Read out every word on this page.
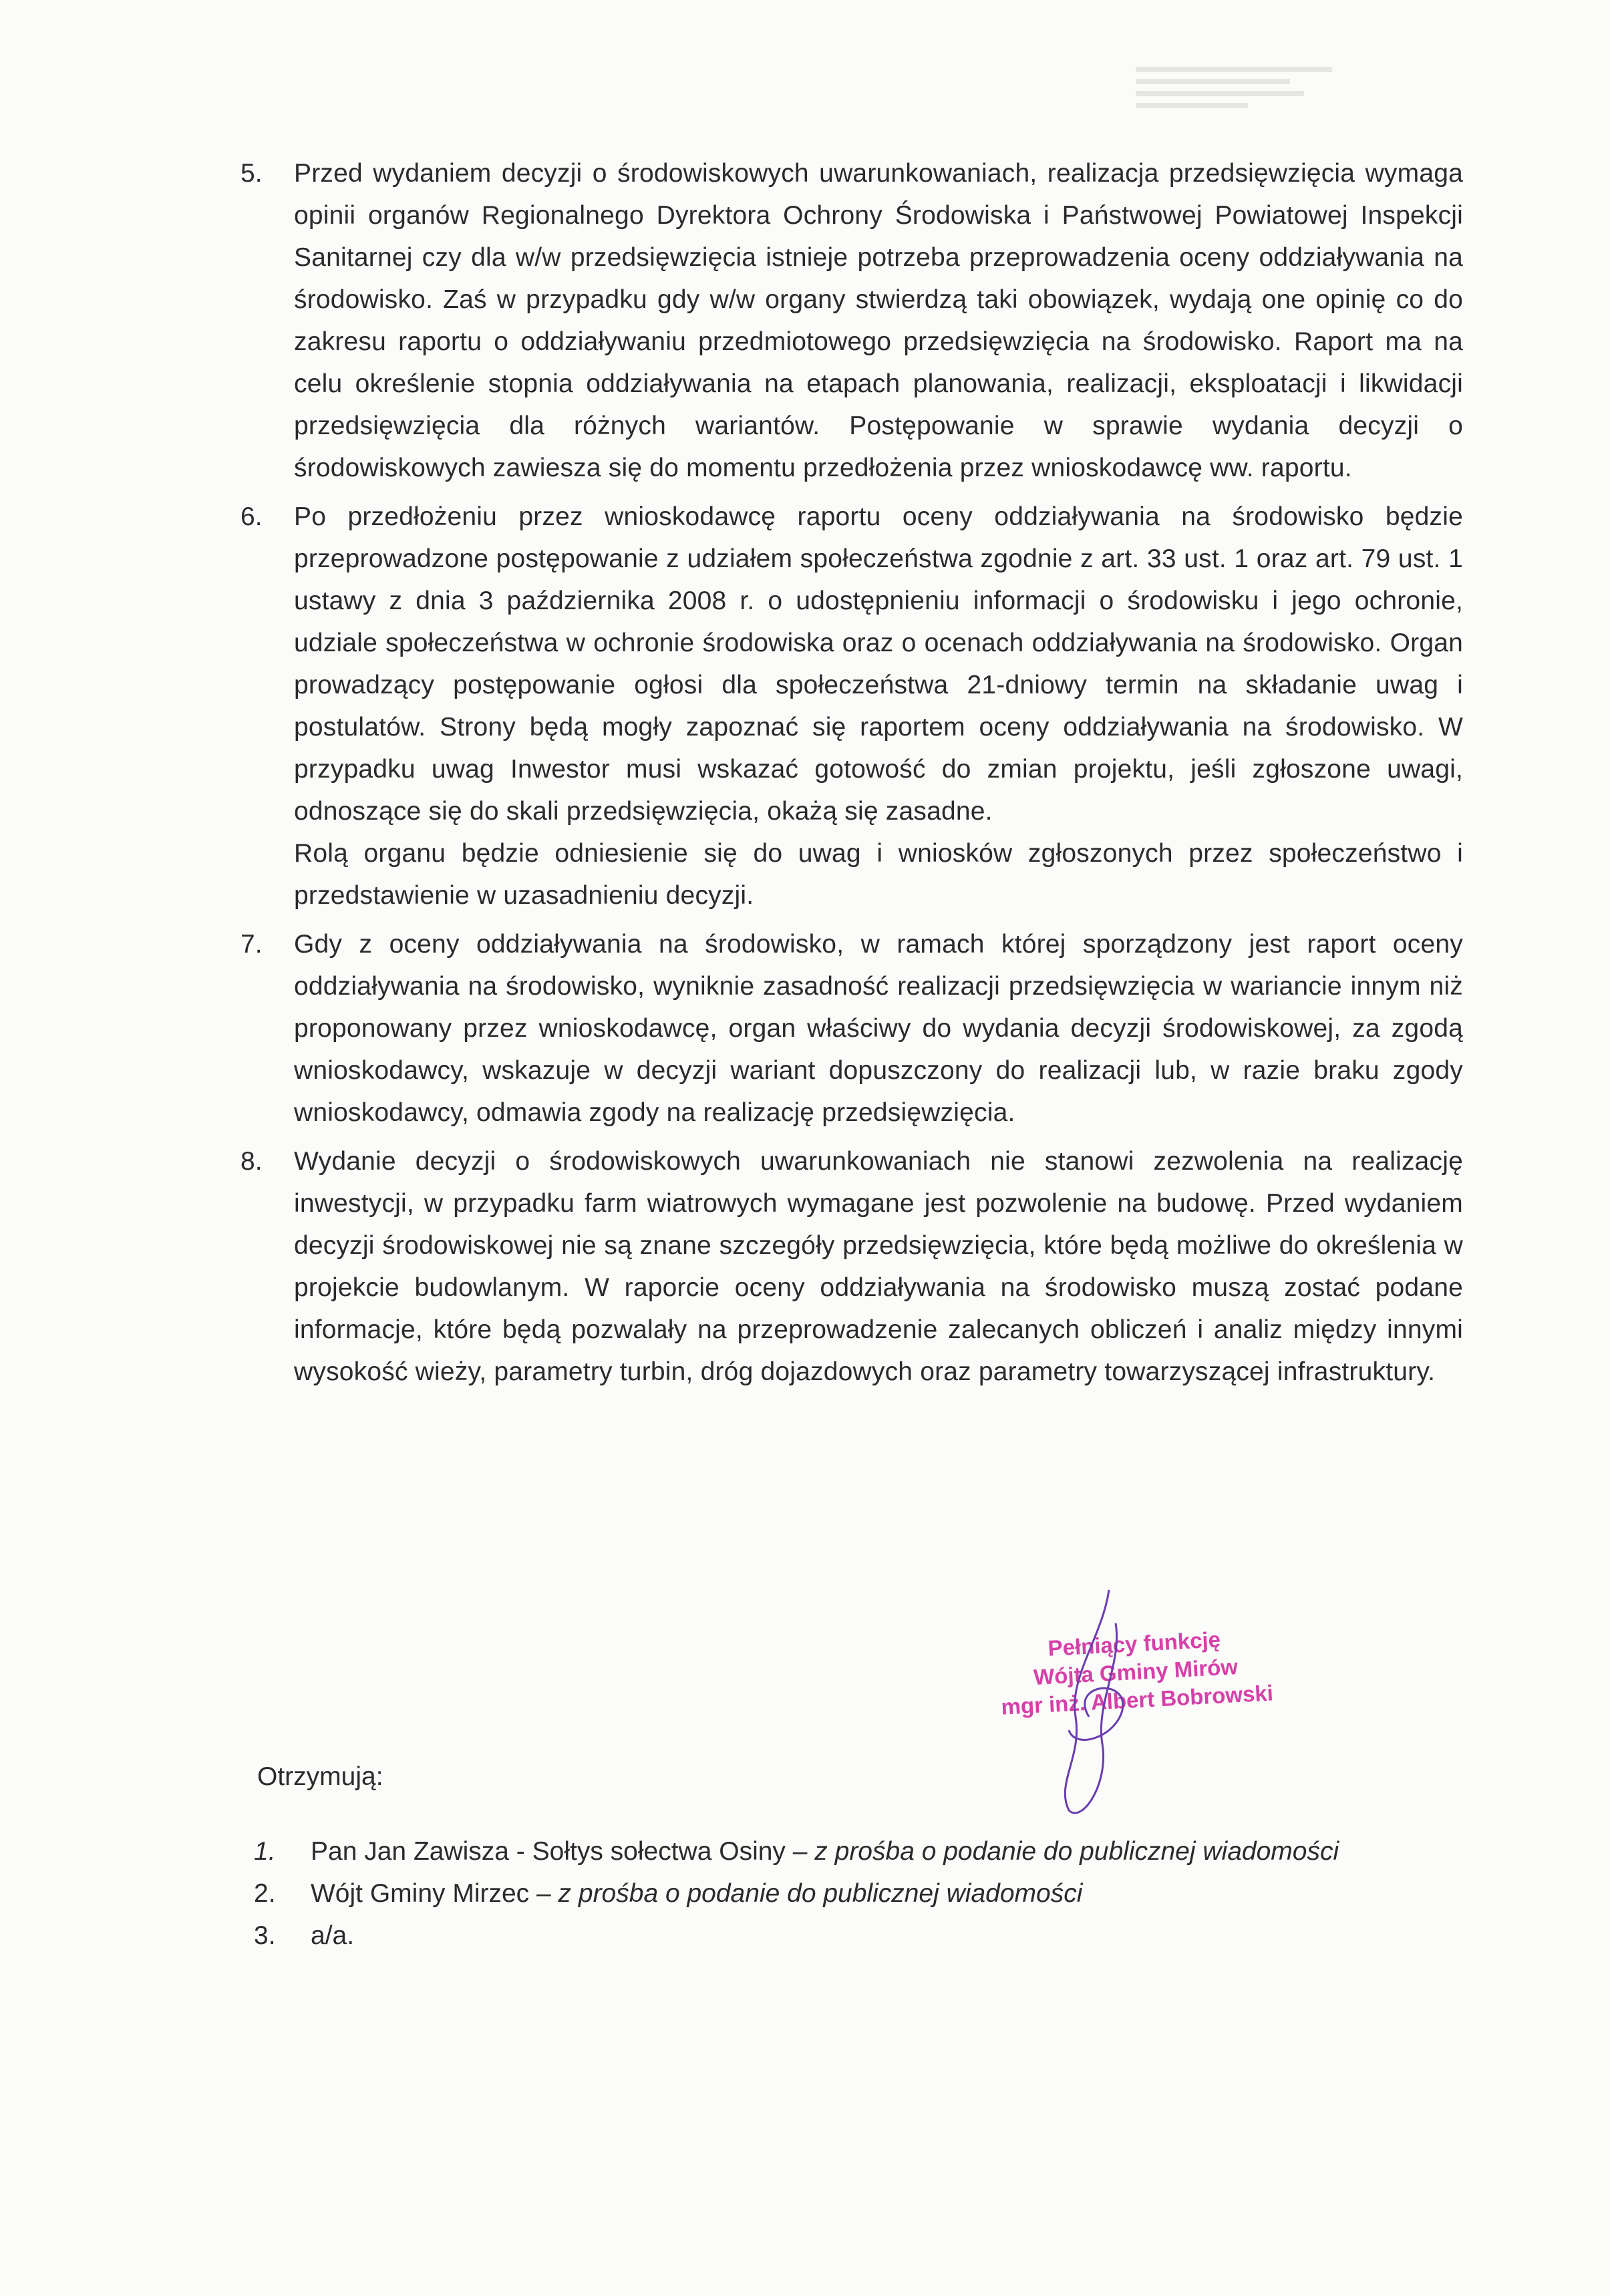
5. Przed wydaniem decyzji o środowiskowych uwarunkowaniach, realizacja przedsięwzięcia wymaga opinii organów Regionalnego Dyrektora Ochrony Środowiska i Państwowej Powiatowej Inspekcji Sanitarnej czy dla w/w przedsięwzięcia istnieje potrzeba przeprowadzenia oceny oddziaływania na środowisko. Zaś w przypadku gdy w/w organy stwierdzą taki obowiązek, wydają one opinię co do zakresu raportu o oddziaływaniu przedmiotowego przedsięwzięcia na środowisko. Raport ma na celu określenie stopnia oddziaływania na etapach planowania, realizacji, eksploatacji i likwidacji przedsięwzięcia dla różnych wariantów. Postępowanie w sprawie wydania decyzji o środowiskowych zawiesza się do momentu przedłożenia przez wnioskodawcę ww. raportu.

6. Po przedłożeniu przez wnioskodawcę raportu oceny oddziaływania na środowisko będzie przeprowadzone postępowanie z udziałem społeczeństwa zgodnie z art. 33 ust. 1 oraz art. 79 ust. 1 ustawy z dnia 3 października 2008 r. o udostępnieniu informacji o środowisku i jego ochronie, udziale społeczeństwa w ochronie środowiska oraz o ocenach oddziaływania na środowisko. Organ prowadzący postępowanie ogłosi dla społeczeństwa 21-dniowy termin na składanie uwag i postulatów. Strony będą mogły zapoznać się raportem oceny oddziaływania na środowisko. W przypadku uwag Inwestor musi wskazać gotowość do zmian projektu, jeśli zgłoszone uwagi, odnoszące się do skali przedsięwzięcia, okażą się zasadne.

Rolą organu będzie odniesienie się do uwag i wniosków zgłoszonych przez społeczeństwo i przedstawienie w uzasadnieniu decyzji.

7. Gdy z oceny oddziaływania na środowisko, w ramach której sporządzony jest raport oceny oddziaływania na środowisko, wyniknie zasadność realizacji przedsięwzięcia w wariancie innym niż proponowany przez wnioskodawcę, organ właściwy do wydania decyzji środowiskowej, za zgodą wnioskodawcy, wskazuje w decyzji wariant dopuszczony do realizacji lub, w razie braku zgody wnioskodawcy, odmawia zgody na realizację przedsięwzięcia.

8. Wydanie decyzji o środowiskowych uwarunkowaniach nie stanowi zezwolenia na realizację inwestycji, w przypadku farm wiatrowych wymagane jest pozwolenie na budowę. Przed wydaniem decyzji środowiskowej nie są znane szczegóły przedsięwzięcia, które będą możliwe do określenia w projekcie budowlanym. W raporcie oceny oddziaływania na środowisko muszą zostać podane informacje, które będą pozwalały na przeprowadzenie zalecanych obliczeń i analiz między innymi wysokość wieży, parametry turbin, dróg dojazdowych oraz parametry towarzyszącej infrastruktury.

Pełniący funkcję
Wójta Gminy Mirów
mgr inż. Albert Bobrowski
Otrzymują:
1. Pan Jan Zawisza - Sołtys sołectwa Osiny – z prośba o podanie do publicznej wiadomości
2. Wójt Gminy Mirzec – z prośba o podanie do publicznej wiadomości
3. a/a.
